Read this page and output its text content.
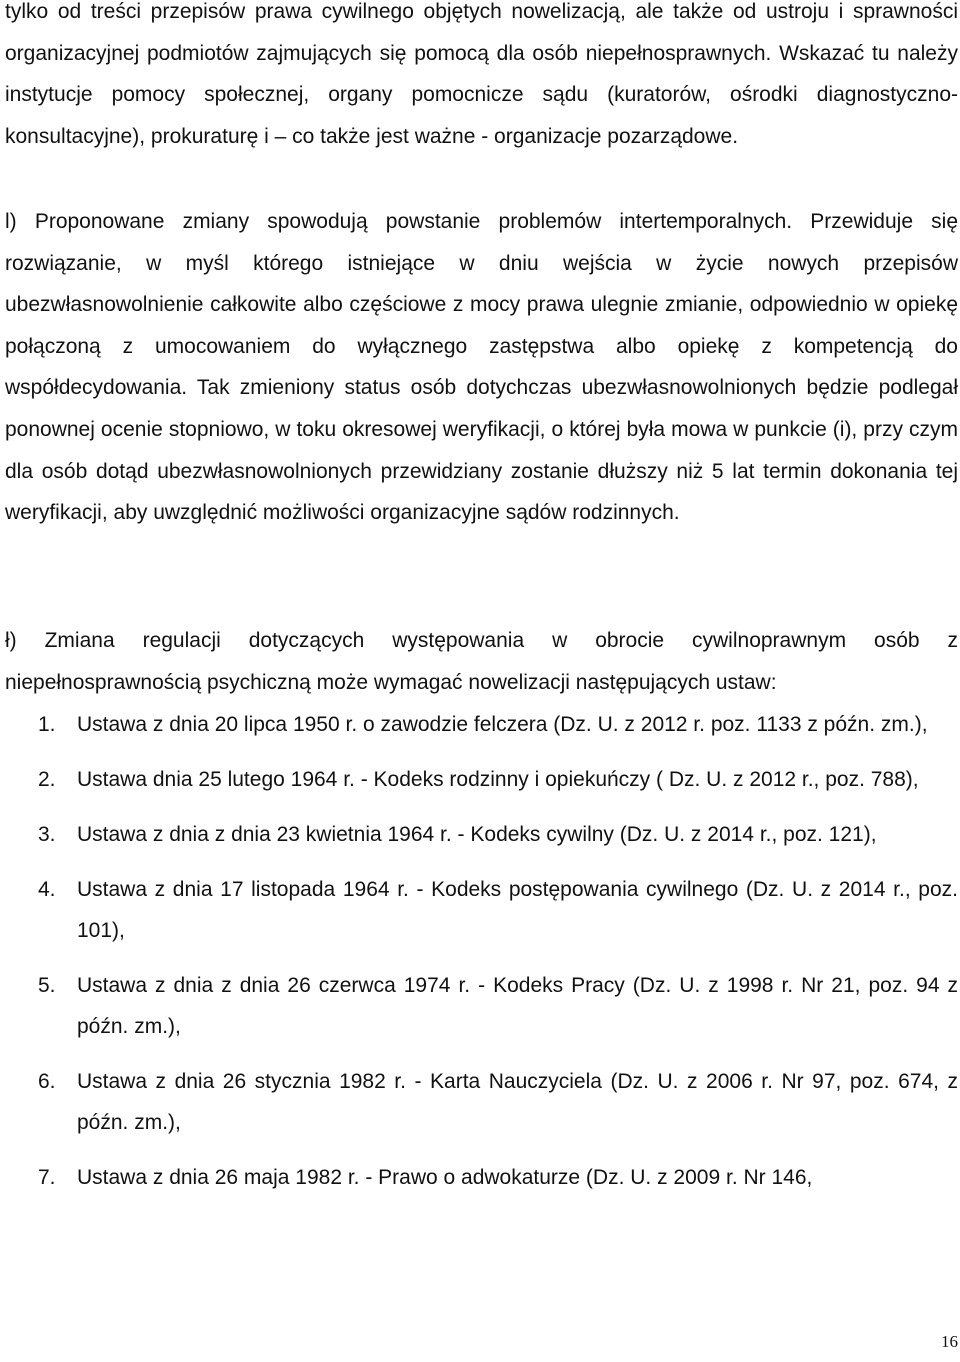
tylko od treści przepisów prawa cywilnego objętych nowelizacją, ale także od ustroju i sprawności organizacyjnej podmiotów zajmujących się pomocą dla osób niepełnosprawnych. Wskazać tu należy instytucje pomocy społecznej, organy pomocnicze sądu (kuratorów, ośrodki diagnostyczno-konsultacyjne), prokuraturę i – co także jest ważne - organizacje pozarządowe.

l) Proponowane zmiany spowodują powstanie problemów intertemporalnych. Przewiduje się rozwiązanie, w myśl którego istniejące w dniu wejścia w życie nowych przepisów ubezwłasnowolnienie całkowite albo częściowe z mocy prawa ulegnie zmianie, odpowiednio w opiekę połączoną z umocowaniem do wyłącznego zastępstwa albo opiekę z kompetencją do współdecydowania. Tak zmieniony status osób dotychczas ubezwłasnowolnionych będzie podlegał ponownej ocenie stopniowo, w toku okresowej weryfikacji, o której była mowa w punkcie (i), przy czym dla osób dotąd ubezwłasnowolnionych przewidziany zostanie dłuższy niż 5 lat termin dokonania tej weryfikacji, aby uwzględnić możliwości organizacyjne sądów rodzinnych.

ł) Zmiana regulacji dotyczących występowania w obrocie cywilnoprawnym osób z niepełnosprawnością psychiczną może wymagać nowelizacji następujących ustaw:

1. Ustawa z dnia 20 lipca 1950 r. o zawodzie felczera (Dz. U. z 2012 r. poz. 1133 z późn. zm.),
2. Ustawa dnia 25 lutego 1964 r. - Kodeks rodzinny i opiekuńczy ( Dz. U. z 2012 r., poz. 788),
3. Ustawa z dnia z dnia 23 kwietnia 1964 r. - Kodeks cywilny (Dz. U. z 2014 r., poz. 121),
4. Ustawa z dnia 17 listopada 1964 r. - Kodeks postępowania cywilnego (Dz. U. z 2014 r., poz. 101),
5. Ustawa z dnia z dnia 26 czerwca 1974 r. - Kodeks Pracy (Dz. U. z 1998 r. Nr 21, poz. 94 z późn. zm.),
6. Ustawa z dnia 26 stycznia 1982 r. - Karta Nauczyciela (Dz. U. z 2006 r. Nr 97, poz. 674, z późn. zm.),
7. Ustawa z dnia 26 maja 1982 r. - Prawo o adwokaturze (Dz. U. z 2009 r. Nr 146,
16
